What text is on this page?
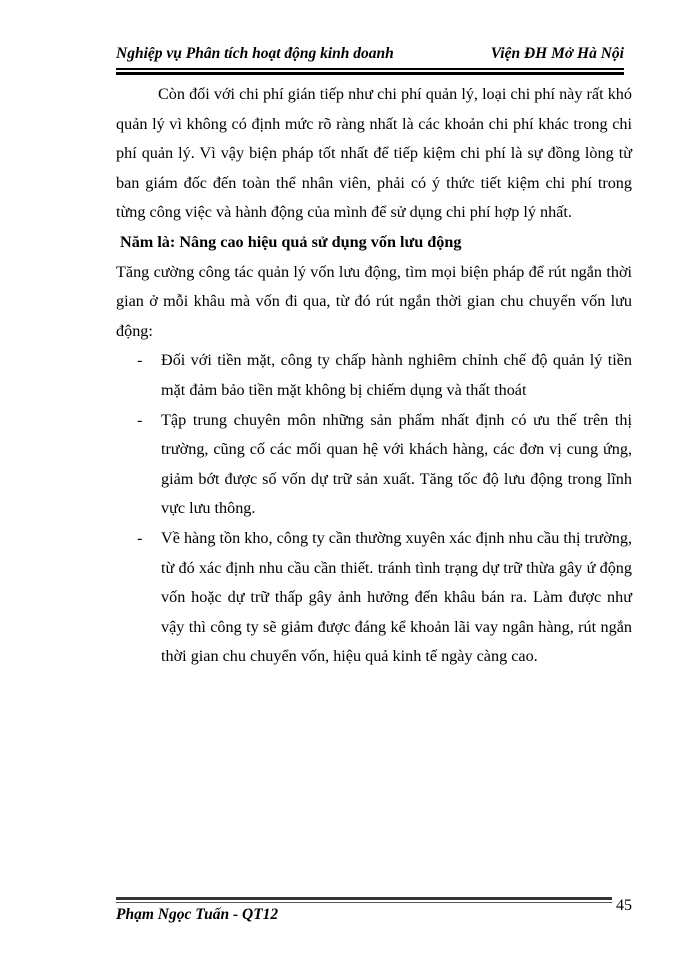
Nghiệp vụ Phân tích hoạt động kinh doanh	Viện ĐH Mở Hà Nội

Còn đối với chi phí gián tiếp như chi phí quản lý, loại chi phí này rất khó quản lý vì không có định mức rõ ràng nhất là các khoản chi phí khác trong chi phí quản lý. Vì vậy biện pháp tốt nhất để tiếp kiệm chi phí là sự đồng lòng từ ban giám đốc đến toàn thể nhân viên, phải có ý thức tiết kiệm chi phí trong từng công việc và hành động của mình để sử dụng chi phí hợp lý nhất.

Năm là: Nâng cao hiệu quả sử dụng vốn lưu động

Tăng cường công tác quản lý vốn lưu động, tìm mọi biện pháp để rút ngắn thời gian ở mỗi khâu mà vốn đi qua, từ đó rút ngắn thời gian chu chuyển vốn lưu động:

- Đối với tiền mặt, công ty chấp hành nghiêm chỉnh chế độ quản lý tiền mặt đảm bảo tiền mặt không bị chiếm dụng và thất thoát
- Tập trung chuyên môn những sản phẩm nhất định có ưu thế trên thị trường, cũng cố các mối quan hệ với khách hàng, các đơn vị cung ứng, giảm bớt được số vốn dự trữ sản xuất. Tăng tốc độ lưu động trong lĩnh vực lưu thông.
- Về hàng tồn kho, công ty cần thường xuyên xác định nhu cầu thị trường, từ đó xác định nhu cầu cần thiết. tránh tình trạng dự trữ thừa gây ứ động vốn hoặc dự trữ thấp gây ảnh hưởng đến khâu bán ra. Làm được như vậy thì công ty sẽ giảm được đáng kể khoản lãi vay ngân hàng, rút ngắn thời gian chu chuyển vốn, hiệu quả kinh tế ngày càng cao.
Phạm Ngọc Tuấn - QT12
45
